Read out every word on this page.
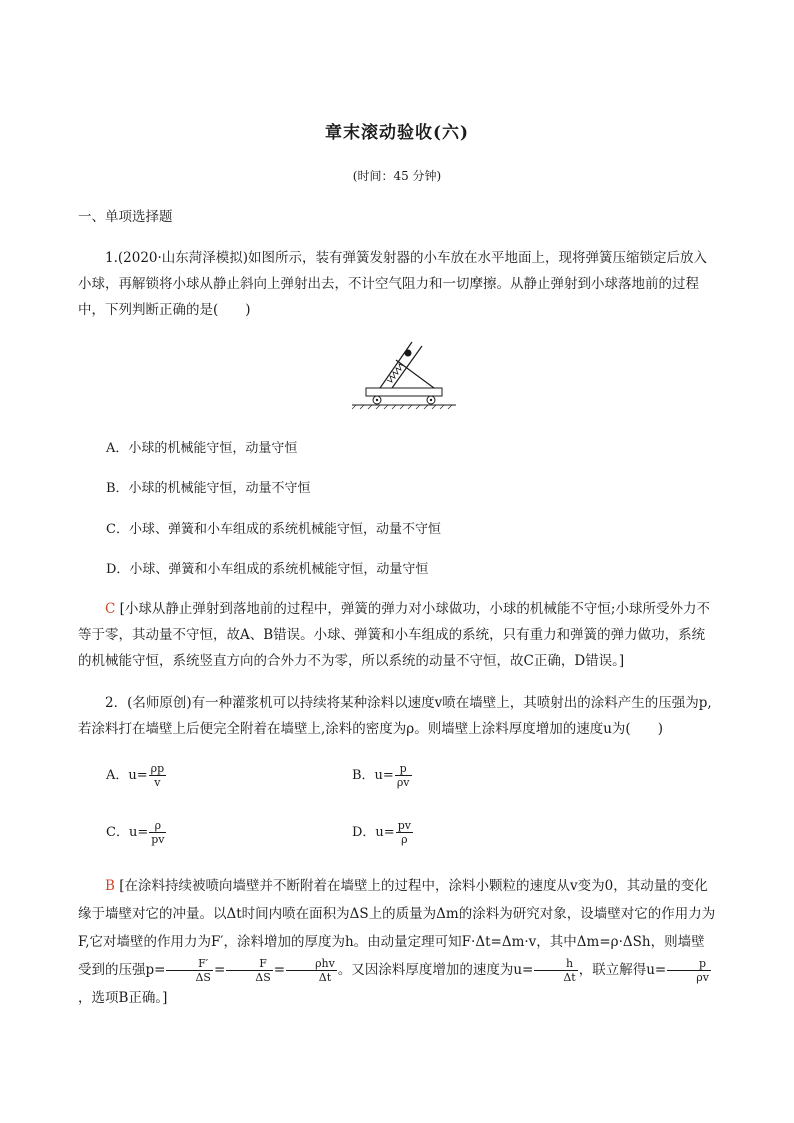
章末滚动验收(六)
(时间：45 分钟)
一、单项选择题
1.(2020·山东菏泽模拟)如图所示，装有弹簧发射器的小车放在水平地面上，现将弹簧压缩锁定后放入小球，再解锁将小球从静止斜向上弹射出去，不计空气阻力和一切摩擦。从静止弹射到小球落地前的过程中，下列判断正确的是(　　)
A．小球的机械能守恒，动量守恒
B．小球的机械能守恒，动量不守恒
C．小球、弹簧和小车组成的系统机械能守恒，动量不守恒
D．小球、弹簧和小车组成的系统机械能守恒，动量守恒
C [小球从静止弹射到落地前的过程中，弹簧的弹力对小球做功，小球的机械能不守恒;小球所受外力不等于零，其动量不守恒，故A、B错误。小球、弹簧和小车组成的系统，只有重力和弹簧的弹力做功，系统的机械能守恒，系统竖直方向的合外力不为零，所以系统的动量不守恒，故C正确，D错误。]
2．(名师原创)有一种灌浆机可以持续将某种涂料以速度v喷在墙壁上，其喷射出的涂料产生的压强为p,若涂料打在墙壁上后便完全附着在墙壁上,涂料的密度为ρ。则墙壁上涂料厚度增加的速度u为(　　)
A．$u= \frac{\rho p}{v}$	B．$u= \frac{p}{\rho v}$
C．$u= \frac{\rho}{pv}$	D．$u= \frac{pv}{\rho}$
B [在涂料持续被喷向墙壁并不断附着在墙壁上的过程中，涂料小颗粒的速度从v变为0，其动量的变化缘于墙壁对它的冲量。以Δt时间内喷在面积为ΔS上的质量为Δm的涂料为研究对象，设墙壁对它的作用力为F,它对墙壁的作用力为F′，涂料增加的厚度为h。由动量定理可知F·Δt=Δm·v，其中Δm=ρ·ΔSh，则墙壁受到的压强$p= \frac{F'}{\Delta S} = \frac{F}{\Delta S} = \frac{\text{ρhv}}{\Delta t}$ 。又因涂料厚度增加的速度为$u= \frac{h}{\Delta t}$ ，联立解得$u= \frac{p}{\rho v}$
，选项B正确。]
